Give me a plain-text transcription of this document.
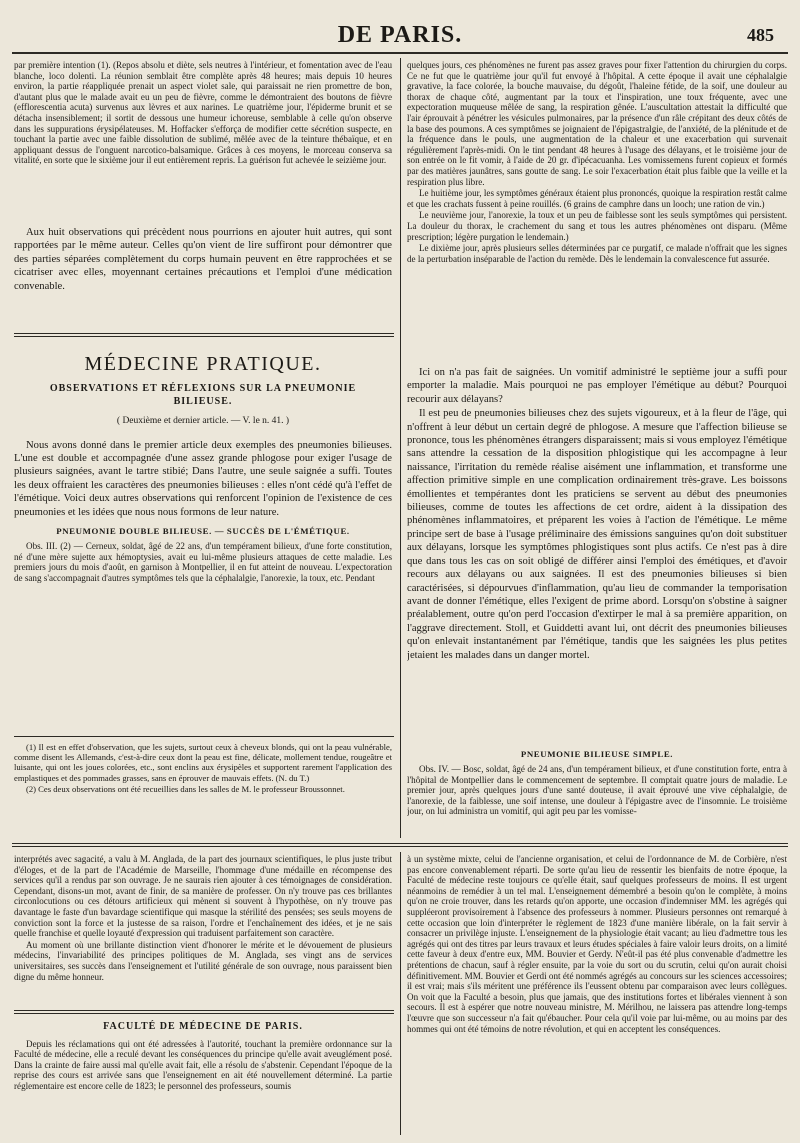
DE PARIS.	485

par première intention (1). (Repos absolu et diète, sels neutres à l'intérieur, et fomentation avec de l'eau blanche, loco dolenti. La réunion semblait être complète après 48 heures; mais depuis 10 heures environ, la partie réappliquée prenait un aspect violet sale, qui paraissait ne rien promettre de bon, d'autant plus que le malade avait eu un peu de fièvre, comme le démontraient des boutons de fièvre (efflorescentia acuta) survenus aux lèvres et aux narines. Le quatrième jour, l'épiderme brunit et se détacha insensiblement; il sortit de dessous une humeur ichoreuse, semblable à celle qu'on observe dans les suppurations érysipélateuses. M. Hoffacker s'efforça de modifier cette sécrétion suspecte, en touchant la partie avec une faible dissolution de sublimé, mêlée avec de la teinture thébaïque, et en appliquant dessus de l'onguent narcotico-balsamique. Grâces à ces moyens, le morceau conserva sa vitalité, en sorte que le sixième jour il eut entièrement repris. La guérison fut achevée le seizième jour.

Aux huit observations qui précèdent nous pourrions en ajouter huit autres, qui sont rapportées par le même auteur. Celles qu'on vient de lire suffiront pour démontrer que des parties séparées complètement du corps humain peuvent en être rapprochées et se cicatriser avec elles, moyennant certaines précautions et l'emploi d'une médication convenable.

MÉDECINE PRATIQUE.
OBSERVATIONS ET RÉFLEXIONS SUR LA PNEUMONIE
BILIEUSE.
( Deuxième et dernier article. — V. le n. 41. )

Nous avons donné dans le premier article deux exemples des pneumonies bilieuses. L'une est double et accompagnée d'une assez grande phlogose pour exiger l'usage de plusieurs saignées, avant le tartre stibié; Dans l'autre, une seule saignée a suffi. Toutes les deux offraient les caractères des pneumonies bilieuses : elles n'ont cédé qu'à l'effet de l'émétique. Voici deux autres observations qui renforcent l'opinion de l'existence de ces pneumonies et les idées que nous nous formons de leur nature.

PNEUMONIE DOUBLE BILIEUSE. — SUCCÈS DE L'ÉMÉTIQUE.

Obs. III. (2) — Cerneux, soldat, âgé de 22 ans, d'un tempérament bilieux, d'une forte constitution, né d'une mère sujette aux hémoptysies, avait eu lui-même plusieurs attaques de cette maladie. Les premiers jours du mois d'août, en garnison à Montpellier, il en fut atteint de nouveau. L'expectoration de sang s'accompagnait d'autres symptômes tels que la céphalalgie, l'anorexie, la toux, etc. Pendant

(1) Il est en effet d'observation, que les sujets, surtout ceux à cheveux blonds, qui ont la peau vulnérable, comme disent les Allemands, c'est-à-dire ceux dont la peau est fine, délicate, mollement tendue, rougeâtre et luisante, qui ont les joues colorées, etc., sont enclins aux érysipèles et supportent rarement l'application des emplastiques et des pommades grasses, sans en éprouver de mauvais effets. (N. du T.)

(2) Ces deux observations ont été recueillies dans les salles de M. le professeur Broussonnet.

quelques jours, ces phénomènes ne furent pas assez graves pour fixer l'attention du chirurgien du corps. Ce ne fut que le quatrième jour qu'il fut envoyé à l'hôpital. A cette époque il avait une céphalalgie gravative, la face colorée, la bouche mauvaise, du dégoût, l'haleine fétide, de la soif, une douleur au thorax de chaque côté, augmentant par la toux et l'inspiration, une toux fréquente, avec une expectoration muqueuse mêlée de sang, la respiration gênée. L'auscultation attestait la difficulté que l'air éprouvait à pénétrer les vésicules pulmonaires, par la présence d'un râle crépitant des deux côtés de la base des poumons. A ces symptômes se joignaient de l'épigastralgie, de l'anxiété, de la plénitude et de la fréquence dans le pouls, une augmentation de la chaleur et une exacerbation qui survenait régulièrement l'après-midi. On le tint pendant 48 heures à l'usage des délayans, et le troisième jour de son entrée on le fit vomir, à l'aide de 20 gr. d'ipécacuanha. Les vomissemens furent copieux et formés par des matières jaunâtres, sans goutte de sang. Le soir l'exacerbation était plus faible que la veille et la respiration plus libre.

Le huitième jour, les symptômes généraux étaient plus prononcés, quoique la respiration restât calme et que les crachats fussent à peine rouillés. (6 grains de camphre dans un looch; une ration de vin.)

Le neuvième jour, l'anorexie, la toux et un peu de faiblesse sont les seuls symptômes qui persistent. La douleur du thorax, le crachement du sang et tous les autres phénomènes ont disparu. (Même prescription; légère purgation le lendemain.)

Le dixième jour, après plusieurs selles déterminées par ce purgatif, ce malade n'offrait que les signes de la perturbation inséparable de l'action du remède. Dès le lendemain la convalescence fut assurée.

Ici on n'a pas fait de saignées. Un vomitif administré le septième jour a suffi pour emporter la maladie. Mais pourquoi ne pas employer l'émétique au début? Pourquoi recourir aux délayans?

Il est peu de pneumonies bilieuses chez des sujets vigoureux, et à la fleur de l'âge, qui n'offrent à leur début un certain degré de phlogose. A mesure que l'affection bilieuse se prononce, tous les phénomènes étrangers disparaissent; mais si vous employez l'émétique sans attendre la cessation de la disposition phlogistique qui les accompagne à leur naissance, l'irritation du remède réalise aisément une inflammation, et transforme une affection primitive simple en une complication ordinairement très-grave. Les boissons émollientes et tempérantes dont les praticiens se servent au début des pneumonies bilieuses, comme de toutes les affections de cet ordre, aident à la dissipation des phénomènes inflammatoires, et préparent les voies à l'action de l'émétique. Le même principe sert de base à l'usage préliminaire des émissions sanguines qu'on doit substituer aux délayans, lorsque les symptômes phlogistiques sont plus actifs. Ce n'est pas à dire que dans tous les cas on soit obligé de différer ainsi l'emploi des émétiques, et d'avoir recours aux délayans ou aux saignées. Il est des pneumonies bilieuses si bien caractérisées, si dépourvues d'inflammation, qu'au lieu de commander la temporisation avant de donner l'émétique, elles l'exigent de prime abord. Lorsqu'on s'obstine à saigner préalablement, outre qu'on perd l'occasion d'extirper le mal à sa première apparition, on l'aggrave directement. Stoll, et Guiddetti avant lui, ont décrit des pneumonies bilieuses qu'on enlevait instantanément par l'émétique, tandis que les saignées les plus petites jetaient les malades dans un danger mortel.

PNEUMONIE BILIEUSE SIMPLE.

Obs. IV. — Bosc, soldat, âgé de 24 ans, d'un tempérament bilieux, et d'une constitution forte, entra à l'hôpital de Montpellier dans le commencement de septembre. Il comptait quatre jours de maladie. Le premier jour, après quelques jours d'une santé douteuse, il avait éprouvé une vive céphalalgie, de l'anorexie, de la faiblesse, une soif intense, une douleur à l'épigastre avec de l'insomnie. Le troisième jour, on lui administra un vomitif, qui agit peu par les vomisse-

interprétés avec sagacité, a valu à M. Anglada, de la part des journaux scientifiques, le plus juste tribut d'éloges, et de la part de l'Académie de Marseille, l'hommage d'une médaille en récompense des services qu'il a rendus par son ouvrage. Je ne saurais rien ajouter à ces témoignages de considération. Cependant, disons-un mot, avant de finir, de sa manière de professer. On n'y trouve pas ces brillantes circonlocutions ou ces détours artificieux qui mènent si souvent à l'hypothèse, on n'y trouve pas davantage le faste d'un bavardage scientifique qui masque la stérilité des pensées; ses seuls moyens de conviction sont la force et la justesse de sa raison, l'ordre et l'enchaînement des idées, et je ne sais quelle franchise et quelle loyauté d'expression qui traduisent parfaitement son caractère.

Au moment où une brillante distinction vient d'honorer le mérite et le dévouement de plusieurs médecins, l'invariabilité des principes politiques de M. Anglada, ses vingt ans de services universitaires, ses succès dans l'enseignement et l'utilité générale de son ouvrage, nous paraissent bien digne du même honneur.

FACULTÉ DE MÉDECINE DE PARIS.

Depuis les réclamations qui ont été adressées à l'autorité, touchant la première ordonnance sur la Faculté de médecine, elle a reculé devant les conséquences du principe qu'elle avait aveuglément posé. Dans la crainte de faire aussi mal qu'elle avait fait, elle a résolu de s'abstenir. Cependant l'époque de la reprise des cours est arrivée sans que l'enseignement en ait été nouvellement déterminé. La partie réglementaire est encore celle de 1823; le personnel des professeurs, soumis

à un système mixte, celui de l'ancienne organisation, et celui de l'ordonnance de M. de Corbière, n'est pas encore convenablement réparti. De sorte qu'au lieu de ressentir les bienfaits de notre époque, la Faculté de médecine reste toujours ce qu'elle était, sauf quelques professeurs de moins. Il est urgent néanmoins de remédier à un tel mal. L'enseignement démembré a besoin qu'on le complète, à moins qu'on ne croie trouver, dans les retards qu'on apporte, une occasion d'indemniser MM. les agrégés qui suppléeront provisoirement à l'absence des professeurs à nommer. Plusieurs personnes ont remarqué à cette occasion que loin d'interpréter le règlement de 1823 d'une manière libérale, on la fait servir à consacrer un privilège injuste. L'enseignement de la physiologie était vacant; au lieu d'admettre tous les agrégés qui ont des titres par leurs travaux et leurs études spéciales à faire valoir leurs droits, on a limité cette faveur à deux d'entre eux, MM. Bouvier et Gerdy. N'eût-il pas été plus convenable d'admettre les prétentions de chacun, sauf à régler ensuite, par la voie du sort ou du scrutin, celui qu'on aurait choisi définitivement. MM. Bouvier et Gerdi ont été nommés agrégés au concours sur les sciences accessoires; il est vrai; mais s'ils méritent une préférence ils l'eussent obtenu par comparaison avec leurs collègues. On voit que la Faculté a besoin, plus que jamais, que des institutions fortes et libérales viennent à son secours. Il est à espérer que notre nouveau ministre, M. Mérilhou, ne laissera pas attendre long-temps l'œuvre que son successeur n'a fait qu'ébaucher. Pour cela qu'il voie par lui-même, ou au moins par des hommes qui ont été témoins de notre révolution, et qui en acceptent les conséquences.
